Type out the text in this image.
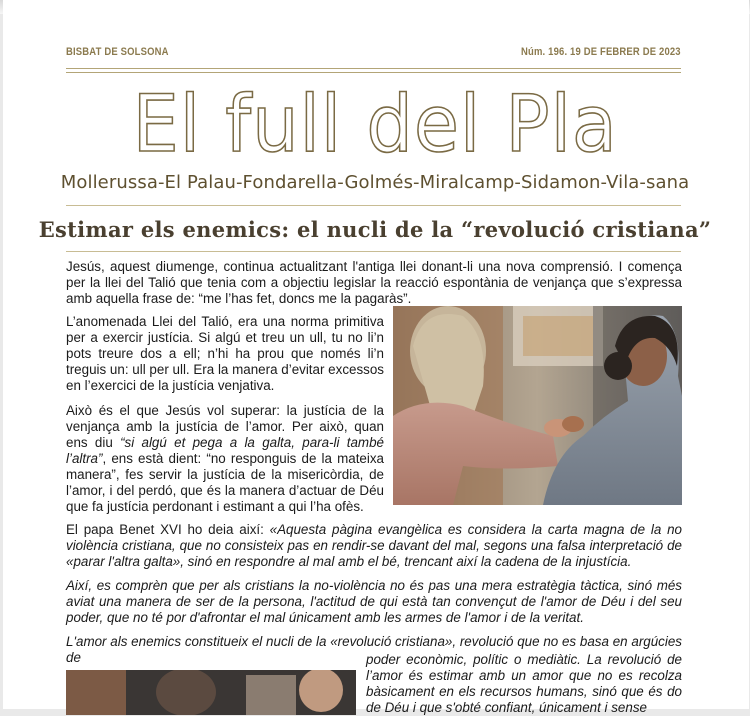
BISBAT DE SOLSONA	Núm. 196. 19 DE FEBRER DE 2023
El full del Pla
Mollerussa-El Palau-Fondarella-Golmés-Miralcamp-Sidamon-Vila-sana
Estimar els enemics: el nucli de la “revolució cristiana”
Jesús, aquest diumenge, continua actualitzant l'antiga llei donant-li una nova comprensió. I comença per la llei del Talió que tenia com a objectiu legislar la reacció espontània de venjança que s’expressa amb aquella frase de: “me l’has fet, doncs me la pagaràs”.
L’anomenada Llei del Talió, era una norma primitiva per a exercir justícia. Si algú et treu un ull, tu no li’n pots treure dos a ell; n’hi ha prou que només li’n treguis un: ull per ull. Era la manera d’evitar excessos en l’exercici de la justícia venjativa.
Això és el que Jesús vol superar: la justícia de la venjança amb la justícia de l’amor. Per això, quan ens diu “si algú et pega a la galta, para-li també l’altra”, ens està dient: “no responguis de la mateixa manera”, fes servir la justícia de la misericòrdia, de l’amor, i del perdó, que és la manera d’actuar de Déu que fa justícia perdonant i estimant a qui l’ha ofès.
El papa Benet XVI ho deia així: «Aquesta pàgina evangèlica es considera la carta magna de la no violència cristiana, que no consisteix pas en rendir-se davant del mal, segons una falsa interpretació de «parar l'altra galta», sinó en respondre al mal amb el bé, trencant així la cadena de la injustícia.
Així, es comprèn que per als cristians la no-violència no és pas una mera estratègia tàctica, sinó més aviat una manera de ser de la persona, l'actitud de qui està tan convençut de l'amor de Déu i del seu poder, que no té por d'afrontar el mal únicament amb les armes de l'amor i de la veritat.
L'amor als enemics constitueix el nucli de la «revolució cristiana», revolució que no es basa en argúcies de	poder econòmic, polític o mediàtic. La revolució de l’amor és estimar amb un amor que no es recolza bàsicament en els recursos humans, sinó que és do de Déu i que s'obté confiant, únicament i sense
